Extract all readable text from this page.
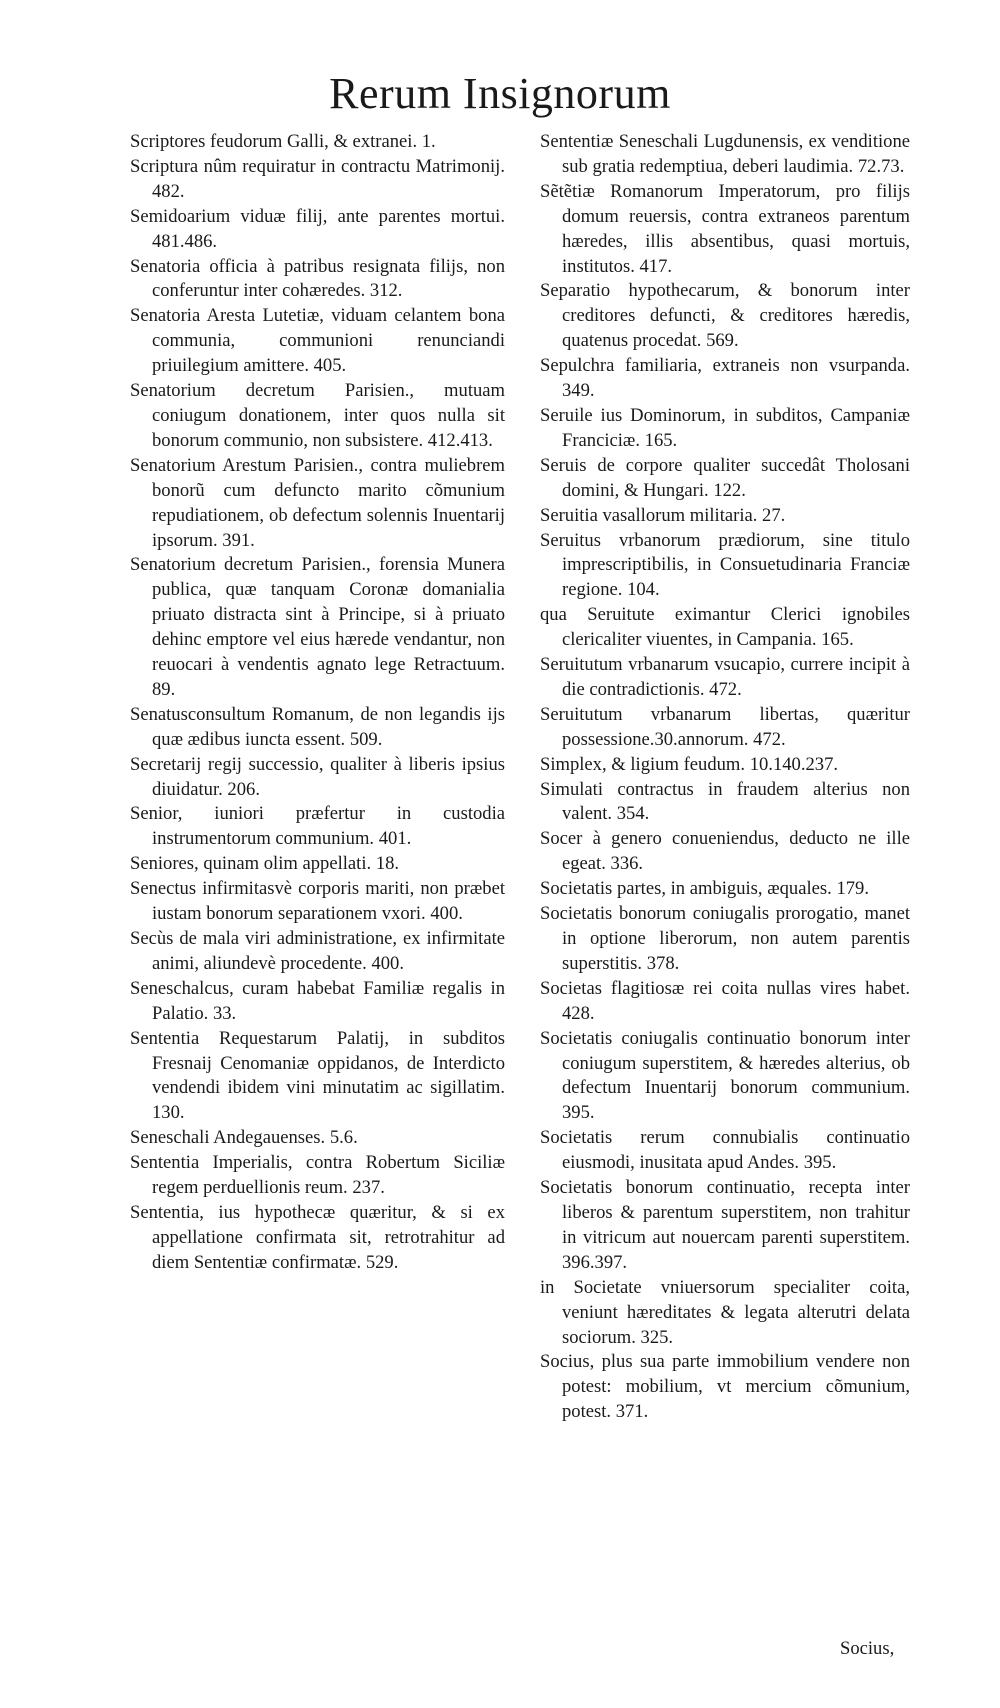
Rerum Insignorum

Scriptores feudorum Galli, & extranei. 1.

Scriptura nûm requiratur in contractu Matrimonij. 482.

Semidoarium viduæ filij, ante parentes mortui. 481.486.

Senatoria officia à patribus resignata filijs, non conferuntur inter cohæredes. 312.

Senatoria Aresta Lutetiæ, viduam celantem bona communia, communioni renunciandi priuilegium amittere. 405.

Senatorium decretum Parisien., mutuam coniugum donationem, inter quos nulla sit bonorum communio, non subsistere. 412.413.

Senatorium Arestum Parisien., contra muliebrem bonorũ cum defuncto marito cõmunium repudiationem, ob defectum solennis Inuentarij ipsorum. 391.

Senatorium decretum Parisien., forensia Munera publica, quæ tanquam Coronæ domanialia priuato distracta sint à Principe, si à priuato dehinc emptore vel eius hærede vendantur, non reuocari à vendentis agnato lege Retractuum. 89.

Senatusconsultum Romanum, de non legandis ijs quæ ædibus iuncta essent. 509.

Secretarij regij successio, qualiter à liberis ipsius diuidatur. 206.

Senior, iuniori præfertur in custodia instrumentorum communium. 401.

Seniores, quinam olim appellati. 18.

Senectus infirmitasvè corporis mariti, non præbet iustam bonorum separationem vxori. 400.

Secùs de mala viri administratione, ex infirmitate animi, aliundevè procedente. 400.

Seneschalcus, curam habebat Familiæ regalis in Palatio. 33.

Sententia Requestarum Palatij, in subditos Fresnaij Cenomaniæ oppidanos, de Interdicto vendendi ibidem vini minutatim ac sigillatim. 130.

Seneschali Andegauenses. 5.6.

Sententia Imperialis, contra Robertum Siciliæ regem perduellionis reum. 237.

Sententia, ius hypothecæ quæritur, & si ex appellatione confirmata sit, retrotrahitur ad diem Sententiæ confirmatæ. 529.

Sententiæ Seneschali Lugdunensis, ex venditione sub gratia redemptiua, deberi laudimia. 72.73.

Sẽtẽtiæ Romanorum Imperatorum, pro filijs domum reuersis, contra extraneos parentum hæredes, illis absentibus, quasi mortuis, institutos. 417.

Separatio hypothecarum, & bonorum inter creditores defuncti, & creditores hæredis, quatenus procedat. 569.

Sepulchra familiaria, extraneis non vsurpanda. 349.

Seruile ius Dominorum, in subditos, Campaniæ Franciciæ. 165.

Seruis de corpore qualiter succedât Tholosani domini, & Hungari. 122.

Seruitia vasallorum militaria. 27.

Seruitus vrbanorum prædiorum, sine titulo imprescriptibilis, in Consuetudinaria Franciæ regione. 104.

qua Seruitute eximantur Clerici ignobiles clericaliter viuentes, in Campania. 165.

Seruitutum vrbanarum vsucapio, currere incipit à die contradictionis. 472.

Seruitutum vrbanarum libertas, quæritur possessione.30.annorum. 472.

Simplex, & ligium feudum. 10.140.237.

Simulati contractus in fraudem alterius non valent. 354.

Socer à genero conueniendus, deducto ne ille egeat. 336.

Societatis partes, in ambiguis, æquales. 179.

Societatis bonorum coniugalis prorogatio, manet in optione liberorum, non autem parentis superstitis. 378.

Societas flagitiosæ rei coita nullas vires habet. 428.

Societatis coniugalis continuatio bonorum inter coniugum superstitem, & hæredes alterius, ob defectum Inuentarij bonorum communium. 395.

Societatis rerum connubialis continuatio eiusmodi, inusitata apud Andes. 395.

Societatis bonorum continuatio, recepta inter liberos & parentum superstitem, non trahitur in vitricum aut nouercam parenti superstitem. 396.397.

in Societate vniuersorum specialiter coita, veniunt hæreditates & legata alterutri delata sociorum. 325.

Socius, plus sua parte immobilium vendere non potest: mobilium, vt mercium cõmunium, potest. 371.

Socius,
